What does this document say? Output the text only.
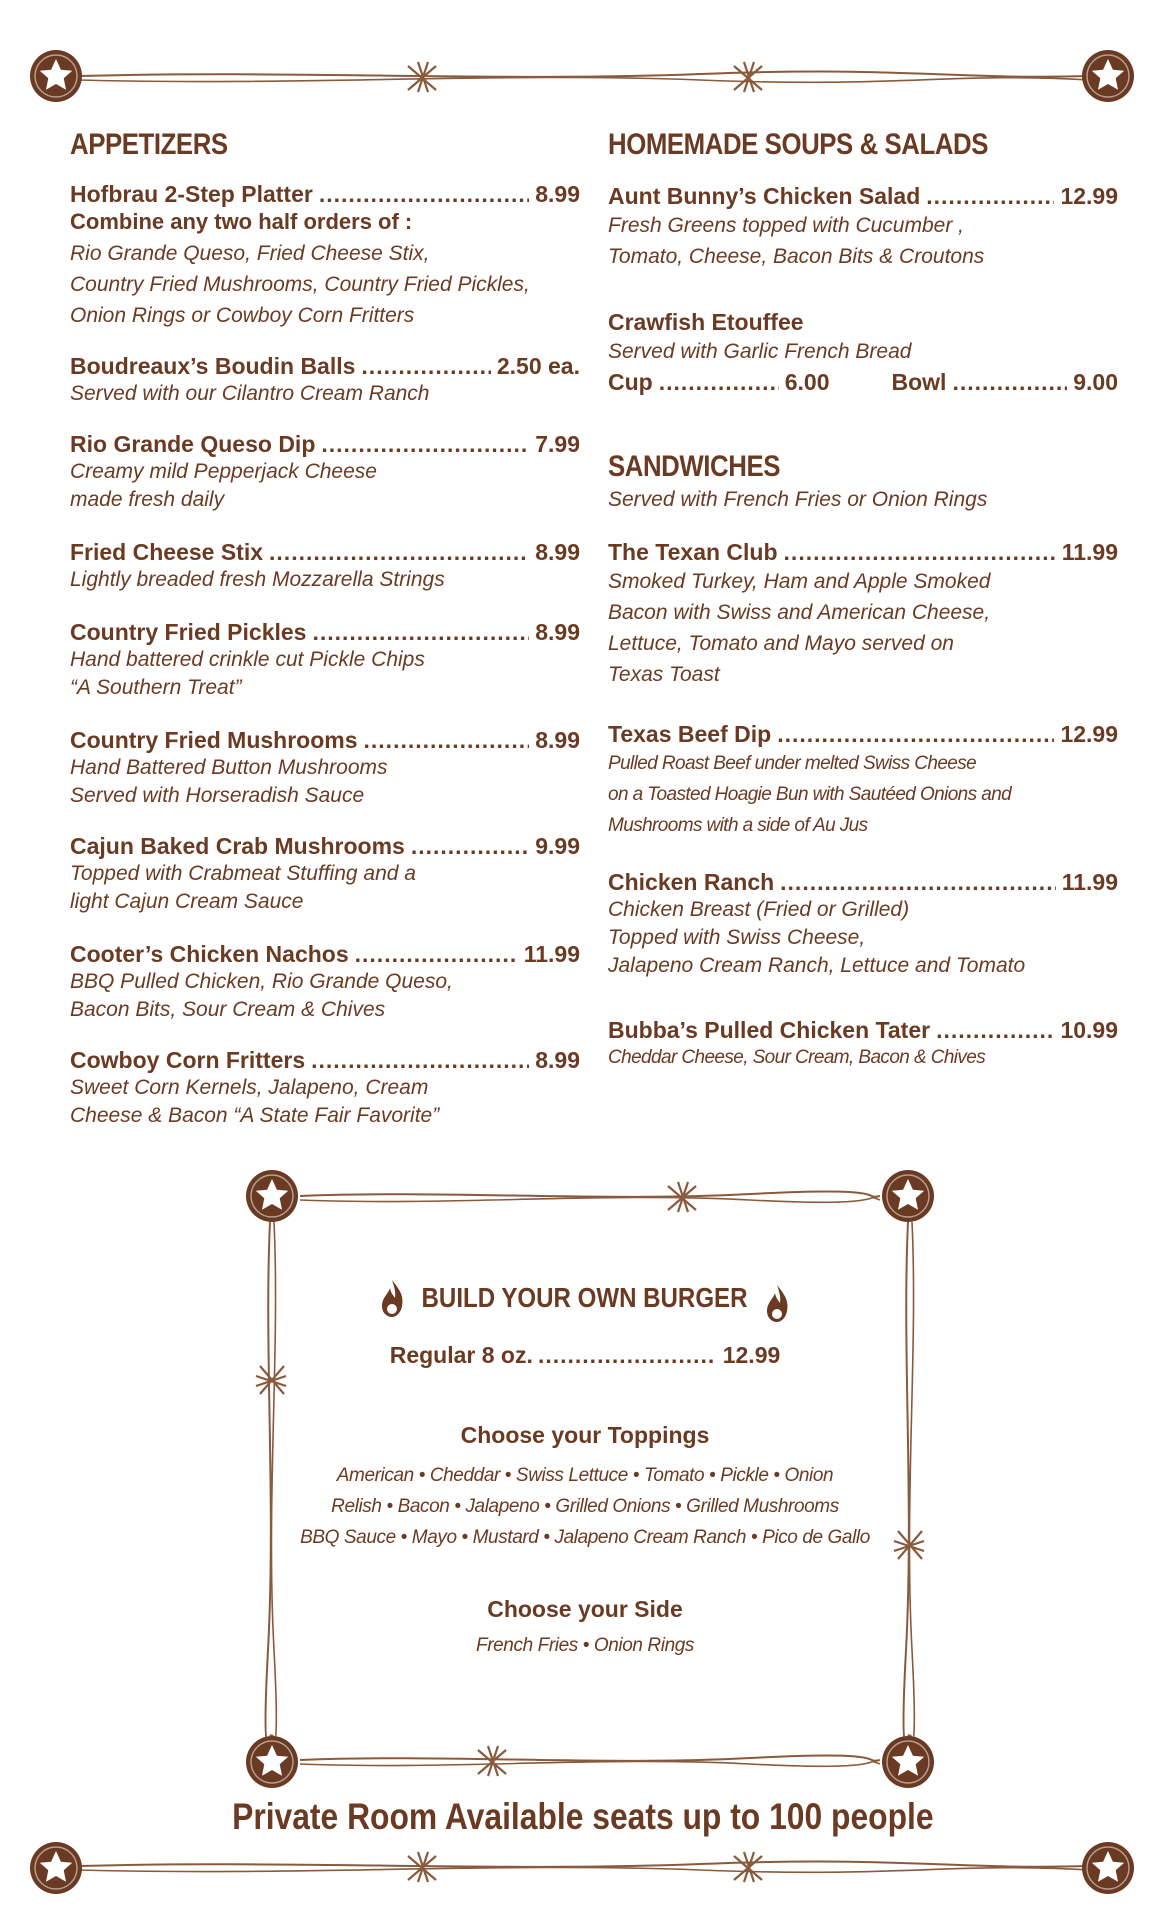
APPETIZERS
Hofbrau 2-Step Platter .....	8.99
Combine any two half orders of :
Rio Grande Queso, Fried Cheese Stix,
Country Fried Mushrooms, Country Fried Pickles,
Onion Rings or Cowboy Corn Fritters
Boudreaux’s Boudin Balls .....	2.50 ea.
Served with our Cilantro Cream Ranch
Rio Grande Queso Dip .....	7.99
Creamy mild Pepperjack Cheese
made fresh daily
Fried Cheese Stix .....	8.99
Lightly breaded fresh Mozzarella Strings
Country Fried Pickles .....	8.99
Hand battered crinkle cut Pickle Chips
“A Southern Treat”
Country Fried Mushrooms .....	8.99
Hand Battered Button Mushrooms
Served with Horseradish Sauce
Cajun Baked Crab Mushrooms .....	9.99
Topped with Crabmeat Stuffing and a
light Cajun Cream Sauce
Cooter’s Chicken Nachos .....	11.99
BBQ Pulled Chicken, Rio Grande Queso,
Bacon Bits, Sour Cream & Chives
Cowboy Corn Fritters .....	8.99
Sweet Corn Kernels, Jalapeno, Cream
Cheese & Bacon “A State Fair Favorite”
HOMEMADE SOUPS & SALADS
Aunt Bunny’s Chicken Salad .....	12.99
Fresh Greens topped with Cucumber ,
Tomato, Cheese, Bacon Bits & Croutons
Crawfish Etouffee
Served with Garlic French Bread
Cup .....	6.00	Bowl .....	9.00
SANDWICHES
Served with French Fries or Onion Rings
The Texan Club .....	11.99
Smoked Turkey, Ham and Apple Smoked
Bacon with Swiss and American Cheese,
Lettuce, Tomato and Mayo served on
Texas Toast
Texas Beef Dip .....	12.99
Pulled Roast Beef under melted Swiss Cheese
on a Toasted Hoagie Bun with Sautéed Onions and
Mushrooms with a side of Au Jus
Chicken Ranch .....	11.99
Chicken Breast (Fried or Grilled)
Topped with Swiss Cheese,
Jalapeno Cream Ranch, Lettuce and Tomato
Bubba’s Pulled Chicken Tater .....	10.99
Cheddar Cheese, Sour Cream, Bacon & Chives
BUILD YOUR OWN BURGER
Regular 8 oz. ........................ 12.99
Choose your Toppings
American • Cheddar • Swiss Lettuce • Tomato • Pickle • Onion
Relish • Bacon • Jalapeno • Grilled Onions • Grilled Mushrooms
BBQ Sauce • Mayo • Mustard • Jalapeno Cream Ranch • Pico de Gallo
Choose your Side
French Fries • Onion Rings
Private Room Available seats up to 100 people
